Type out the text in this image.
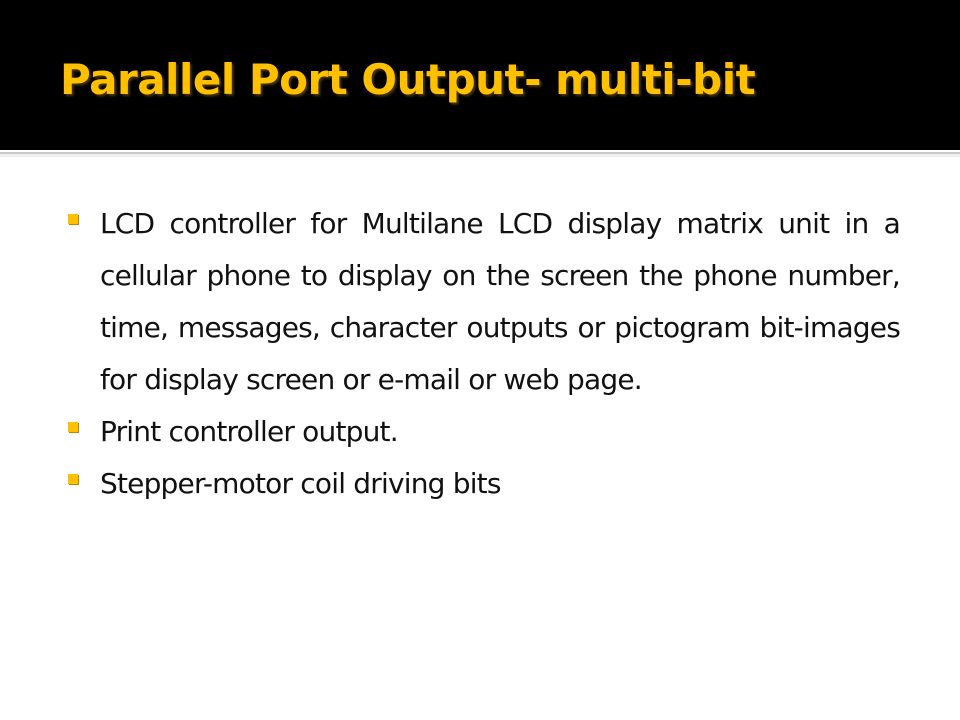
Parallel Port Output- multi-bit
LCD controller for Multilane LCD display matrix unit in a cellular phone to display on the screen the phone number, time, messages, character outputs or pictogram bit-images for display screen or e-mail or web page.
Print controller output.
Stepper-motor coil driving bits
